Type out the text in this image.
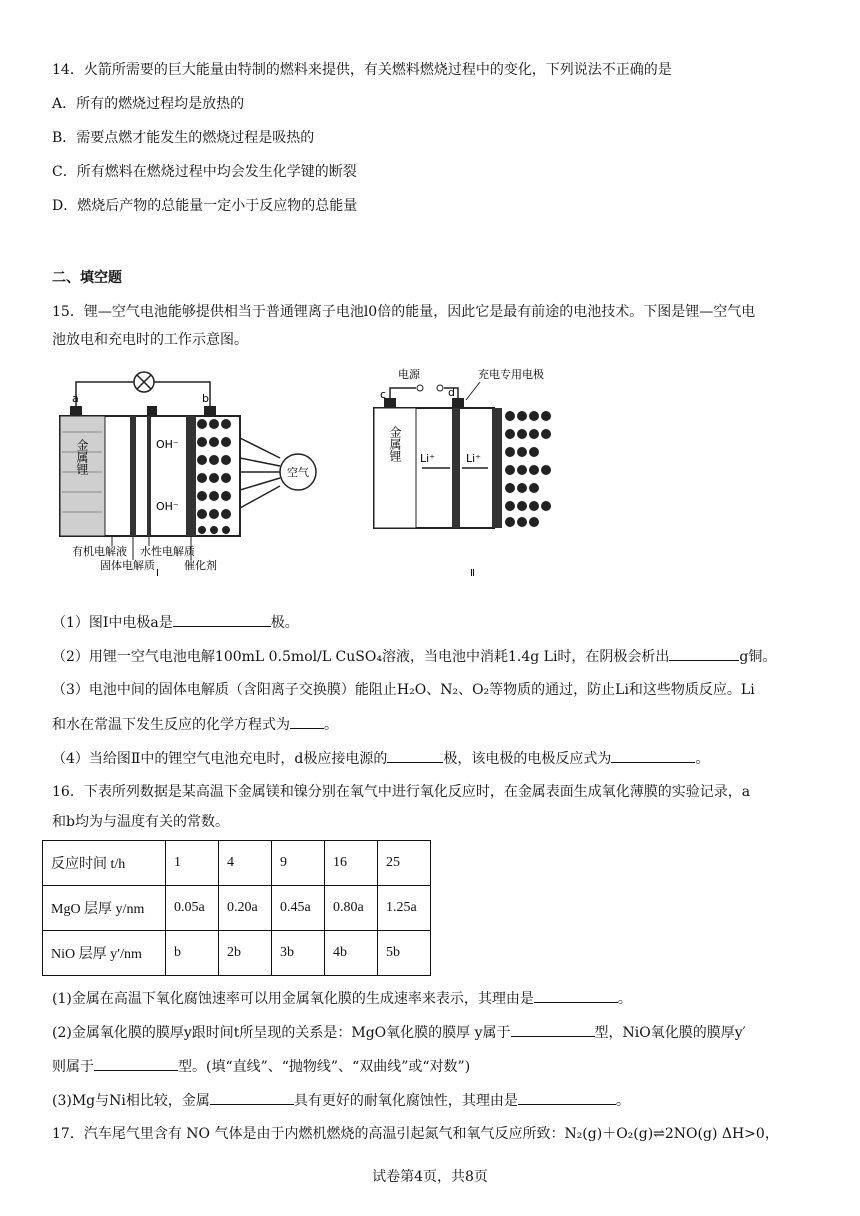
14．火箭所需要的巨大能量由特制的燃料来提供，有关燃料燃烧过程中的变化，下列说法不正确的是
A．所有的燃烧过程均是放热的
B．需要点燃才能发生的燃烧过程是吸热的
C．所有燃料在燃烧过程中均会发生化学键的断裂
D．燃烧后产物的总能量一定小于反应物的总能量
二、填空题
15．锂—空气电池能够提供相当于普通锂离子电池l0倍的能量，因此它是最有前途的电池技术。下图是锂—空气电
池放电和充电时的工作示意图。
a	b
金属锂	OH⁻
OH⁻
空气
有机电解液 水性电解质
固体电解质	催化剂
I
电源	充电专用电极
c	d
金属锂 Li⁺	Li⁺
Ⅱ
（1）图I中电极a是	极。
（2）用锂一空气电池电解100mL 0.5mol/L CuSO₄溶液，当电池中消耗1.4g Li时，在阴极会析出	g铜。
（3）电池中间的固体电解质（含阳离子交换膜）能阻止H₂O、N₂、O₂等物质的通过，防止Li和这些物质反应。Li
和水在常温下发生反应的化学方程式为 。
（4）当给图Ⅱ中的锂空气电池充电时，d极应接电源的	极，该电极的电极反应式为	。
16．下表所列数据是某高温下金属镁和镍分别在氧气中进行氧化反应时，在金属表面生成氧化薄膜的实验记录，a
和b均为与温度有关的常数。
反应时间 t/h	1	4	9	16	25
MgO 层厚 y/nm	0.05a	0.20a	0.45a	0.80a	1.25a
NiO 层厚 y′/nm	b	2b	3b	4b	5b
(1)金属在高温下氧化腐蚀速率可以用金属氧化膜的生成速率来表示，其理由是	。
(2)金属氧化膜的膜厚y跟时间t所呈现的关系是：MgO氧化膜的膜厚 y属于	型，NiO氧化膜的膜厚y′
则属于	型。(填“直线”、“抛物线”、“双曲线”或“对数”)
(3)Mg与Ni相比较，金属	具有更好的耐氧化腐蚀性，其理由是	。
17．汽车尾气里含有 NO 气体是由于内燃机燃烧的高温引起氮气和氧气反应所致：N₂(g)＋O₂(g)⇌2NO(g) ΔH>0，
试卷第4页，共8页
